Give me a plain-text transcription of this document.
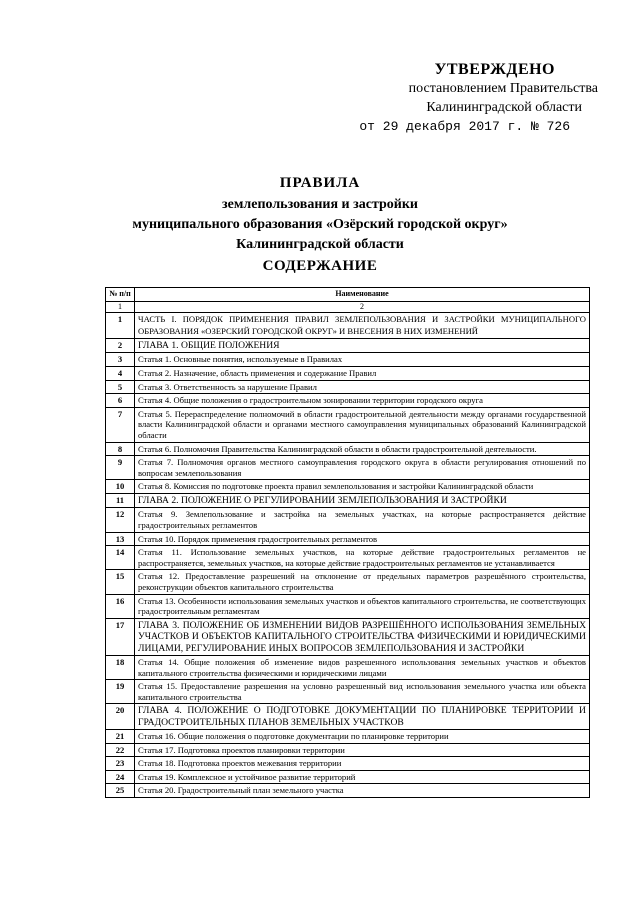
УТВЕРЖДЕНО
постановлением Правительства
Калининградской области
от 29 декабря 2017 г. № 726
ПРАВИЛА
землепользования и застройки
муниципального образования «Озёрский городской округ»
Калининградской области
СОДЕРЖАНИЕ
№ п/п	Наименование
1	2
1	ЧАСТЬ I. ПОРЯДОК ПРИМЕНЕНИЯ ПРАВИЛ ЗЕМЛЕПОЛЬЗОВАНИЯ И ЗАСТРОЙКИ МУНИЦИПАЛЬНОГО ОБРАЗОВАНИЯ «ОЗЕРСКИЙ ГОРОДСКОЙ ОКРУГ» И ВНЕСЕНИЯ В НИХ ИЗМЕНЕНИЙ
2	ГЛАВА 1. ОБЩИЕ ПОЛОЖЕНИЯ
3	Статья 1. Основные понятия, используемые в Правилах
4	Статья 2. Назначение, область применения и содержание Правил
5	Статья 3. Ответственность за нарушение Правил
6	Статья 4. Общие положения о градостроительном зонировании территории городского округа
7	Статья 5. Перераспределение полномочий в области градостроительной деятельности между органами государственной власти Калининградской области и органами местного самоуправления муниципальных образований Калининградской области
8	Статья 6. Полномочия Правительства Калининградской области в области градостроительной деятельности.
9	Статья 7. Полномочия органов местного самоуправления городского округа в области регулирования отношений по вопросам землепользования
10	Статья 8. Комиссия по подготовке проекта правил землепользования и застройки Калининградской области
11	ГЛАВА 2. ПОЛОЖЕНИЕ О РЕГУЛИРОВАНИИ ЗЕМЛЕПОЛЬЗОВАНИЯ И ЗАСТРОЙКИ
12	Статья 9. Землепользование и застройка на земельных участках, на которые распространяется действие градостроительных регламентов
13	Статья 10. Порядок применения градостроительных регламентов
14	Статья 11. Использование земельных участков, на которые действие градостроительных регламентов не распространяется, земельных участков, на которые действие градостроительных регламентов не устанавливается
15	Статья 12. Предоставление разрешений на отклонение от предельных параметров разрешённого строительства, реконструкции объектов капитального строительства
16	Статья 13. Особенности использования земельных участков и объектов капитального строительства, не соответствующих градостроительным регламентам
17	ГЛАВА 3. ПОЛОЖЕНИЕ ОБ ИЗМЕНЕНИИ ВИДОВ РАЗРЕШЁННОГО ИСПОЛЬЗОВАНИЯ ЗЕМЕЛЬНЫХ УЧАСТКОВ И ОБЪЕКТОВ КАПИТАЛЬНОГО СТРОИТЕЛЬСТВА ФИЗИЧЕСКИМИ И ЮРИДИЧЕСКИМИ ЛИЦАМИ, РЕГУЛИРОВАНИЕ ИНЫХ ВОПРОСОВ ЗЕМЛЕПОЛЬЗОВАНИЯ И ЗАСТРОЙКИ
18	Статья 14. Общие положения об изменение видов разрешенного использования земельных участков и объектов капитального строительства физическими и юридическими лицами
19	Статья 15. Предоставление разрешения на условно разрешенный вид использования земельного участка или объекта капитального строительства
20	ГЛАВА 4. ПОЛОЖЕНИЕ О ПОДГОТОВКЕ ДОКУМЕНТАЦИИ ПО ПЛАНИРОВКЕ ТЕРРИТОРИИ И ГРАДОСТРОИТЕЛЬНЫХ ПЛАНОВ ЗЕМЕЛЬНЫХ УЧАСТКОВ
21	Статья 16. Общие положения о подготовке документации по планировке территории
22	Статья 17. Подготовка проектов планировки территории
23	Статья 18. Подготовка проектов межевания территории
24	Статья 19. Комплексное и устойчивое развитие территорий
25	Статья 20. Градостроительный план земельного участка
